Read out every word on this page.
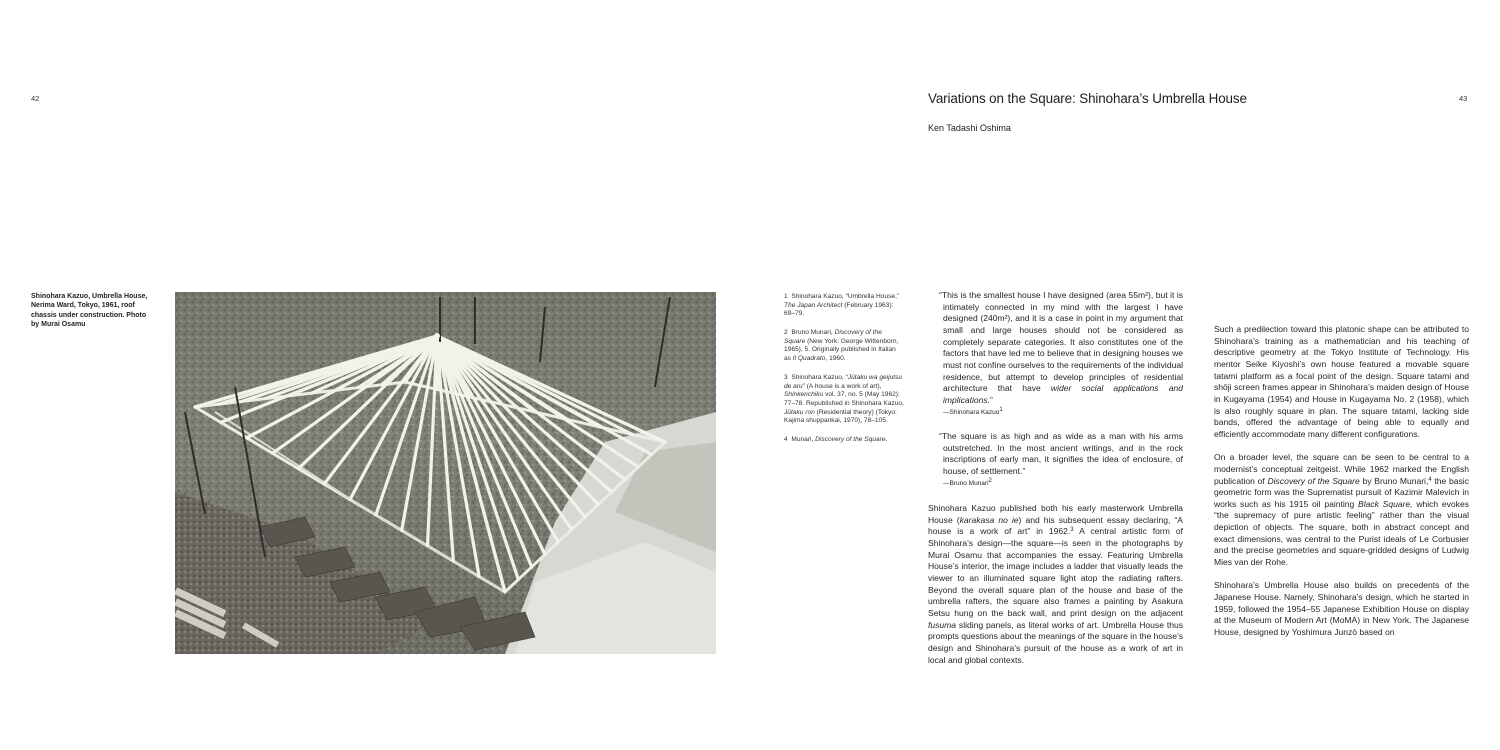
42	43
Variations on the Square: Shinohara’s Umbrella House
Ken Tadashi Oshima
Shinohara Kazuo, Umbrella House, Nerima Ward, Tokyo, 1961, roof chassis under construction. Photo by Murai Osamu

1 Shinohara Kazuo, “Umbrella House,” The Japan Architect (February 1963): 69–79.

2 Bruno Munari, Discovery of the Square (New York: George Wittenborn, 1965), 5. Originally published in Italian as Il Quadrato, 1960.

3 Shinohara Kazuo, “Jūtaku wa geijutsu de aru” (A house is a work of art), Shinkenchiku vol. 37, no. 5 (May 1962): 77–78. Republished in Shinohara Kazuo, Jūtaku ron (Residential theory) (Tokyo: Kajima shuppankai, 1970), 78–105.

4 Munari, Discovery of the Square.

“This is the smallest house I have designed (area 55m²), but it is intimately connected in my mind with the largest I have designed (240m²), and it is a case in point in my argument that small and large houses should not be considered as completely separate categories. It also constitutes one of the factors that have led me to believe that in designing houses we must not confine ourselves to the requirements of the individual residence, but attempt to develop principles of residential architecture that have wider social applications and implications.”

—Shinohara Kazuo$^1$

“The square is as high and as wide as a man with his arms outstretched. In the most ancient writings, and in the rock inscriptions of early man, it signifies the idea of enclosure, of house, of settlement.”

—Bruno Munari$^2$

Shinohara Kazuo published both his early masterwork Umbrella House (karakasa no ie) and his subsequent essay declaring, “A house is a work of art” in 1962.$^3$ A central artistic form of Shinohara’s design—the square—is seen in the photographs by Murai Osamu that accompanies the essay. Featuring Umbrella House’s interior, the image includes a ladder that visually leads the viewer to an illuminated square light atop the radiating rafters. Beyond the overall square plan of the house and base of the umbrella rafters, the square also frames a painting by Asakura Setsu hung on the back wall, and print design on the adjacent fusuma sliding panels, as literal works of art. Umbrella House thus prompts questions about the meanings of the square in the house’s design and Shinohara’s pursuit of the house as a work of art in local and global contexts.

Such a predilection toward this platonic shape can be attributed to Shinohara’s training as a mathematician and his teaching of descriptive geometry at the Tokyo Institute of Technology. His mentor Seike Kiyoshi’s own house featured a movable square tatami platform as a focal point of the design. Square tatami and shōji screen frames appear in Shinohara’s maiden design of House in Kugayama (1954) and House in Kugayama No. 2 (1958), which is also roughly square in plan. The square tatami, lacking side bands, offered the advantage of being able to equally and efficiently accommodate many different configurations.

On a broader level, the square can be seen to be central to a modernist’s conceptual zeitgeist. While 1962 marked the English publication of Discovery of the Square by Bruno Munari,$^4$ the basic geometric form was the Suprematist pursuit of Kazimir Malevich in works such as his 1915 oil painting Black Square, which evokes “the supremacy of pure artistic feeling” rather than the visual depiction of objects. The square, both in abstract concept and exact dimensions, was central to the Purist ideals of Le Corbusier and the precise geometries and square-gridded designs of Ludwig Mies van der Rohe.

Shinohara’s Umbrella House also builds on precedents of the Japanese House. Namely, Shinohara’s design, which he started in 1959, followed the 1954–55 Japanese Exhibition House on display at the Museum of Modern Art (MoMA) in New York. The Japanese House, designed by Yoshimura Junzō based on
